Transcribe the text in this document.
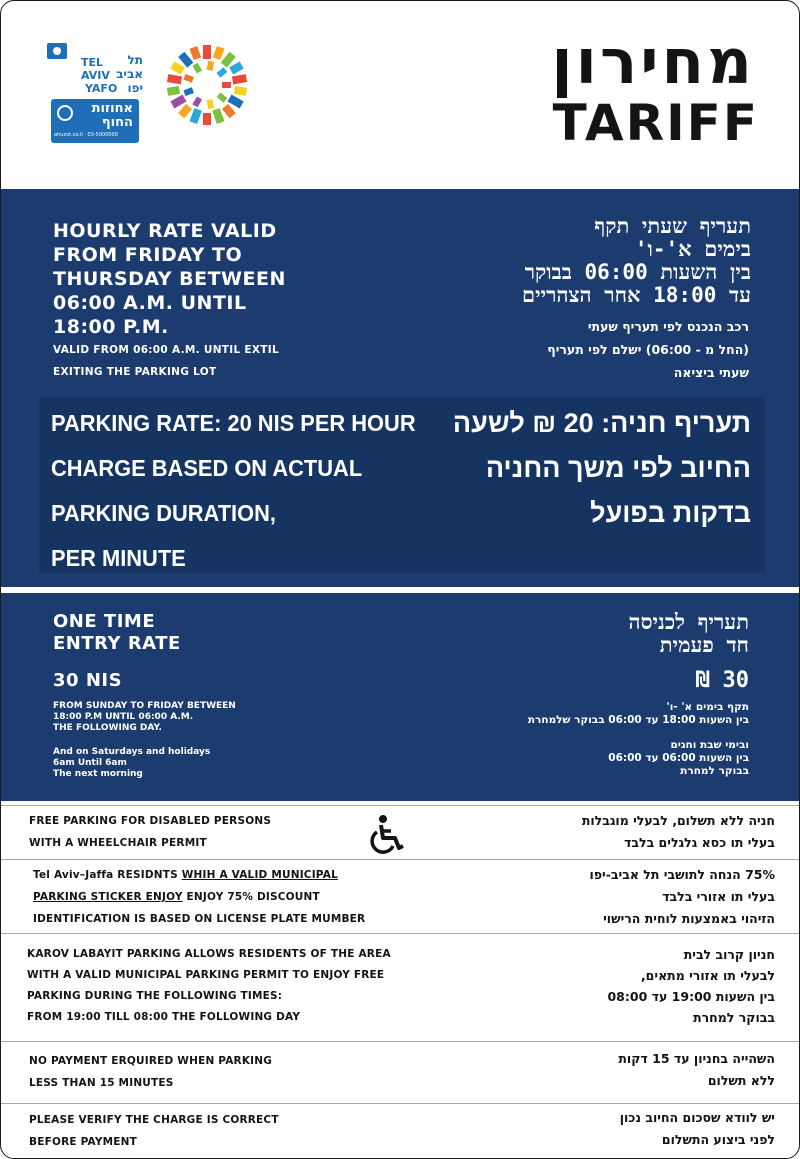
תל
TEL
AVIV אביב
YAFO יפו
אחוזות
החוף
ahuzot.co.il · 03-5000000
מחירון
TARIFF
HOURLY RATE VALID
FROM FRIDAY TO
THURSDAY BETWEEN
06:00 A.M. UNTIL
18:00 P.M.
VALID FROM 06:00 A.M. UNTIL EXTIL
EXITING THE PARKING LOT
תעריף שעתי תקף
בימים א'-ו'
בין השעות 06:00 בבוקר
עד 18:00 אחר הצהריים
רכב הנכנס לפי תעריף שעתי
(החל מ - 06:00) ישלם לפי תעריף
שעתי ביציאה
PARKING RATE: 20 NIS PER HOUR
CHARGE BASED ON ACTUAL
PARKING DURATION,
PER MINUTE
תעריף חניה: 20 ₪ לשעה
החיוב לפי משך החניה
בדקות בפועל
ONE TIME
ENTRY RATE
30 NIS
FROM SUNDAY TO FRIDAY BETWEEN
18:00 P.M UNTIL 06:00 A.M.
THE FOLLOWING DAY.
And on Saturdays and holidays
6am Until 6am
The next morning
תעריף לכניסה
חד פעמית
30 ₪
תקף בימים א' -ו'
בין השעות 18:00 עד 06:00 בבוקר שלמחרת
ובימי שבת וחגים
בין השעות 06:00 עד 06:00
בבוקר למחרת
FREE PARKING FOR DISABLED PERSONS
WITH A WHEELCHAIR PERMIT
חניה ללא תשלום, לבעלי מוגבלות
בעלי תו כסא גלגלים בלבד
Tel Aviv–Jaffa RESIDNTS WHIH A VALID MUNICIPAL
PARKING STICKER ENJOY ENJOY 75% DISCOUNT
IDENTIFICATION IS BASED ON LICENSE PLATE MUMBER
75% הנחה לתושבי תל אביב-יפו
בעלי תו אזורי בלבד
הזיהוי באמצעות לוחית הרישוי
KAROV LABAYIT PARKING ALLOWS RESIDENTS OF THE AREA
WITH A VALID MUNICIPAL PARKING PERMIT TO ENJOY FREE
PARKING DURING THE FOLLOWING TIMES:
FROM 19:00 TILL 08:00 THE FOLLOWING DAY
חניון קרוב לבית
לבעלי תו אזורי מתאים,
בין השעות 19:00 עד 08:00
בבוקר למחרת
NO PAYMENT ERQUIRED WHEN PARKING
LESS THAN 15 MINUTES
השהייה בחניון עד 15 דקות
ללא תשלום
PLEASE VERIFY THE CHARGE IS CORRECT
BEFORE PAYMENT
יש לוודא שסכום החיוב נכון
לפני ביצוע התשלום
